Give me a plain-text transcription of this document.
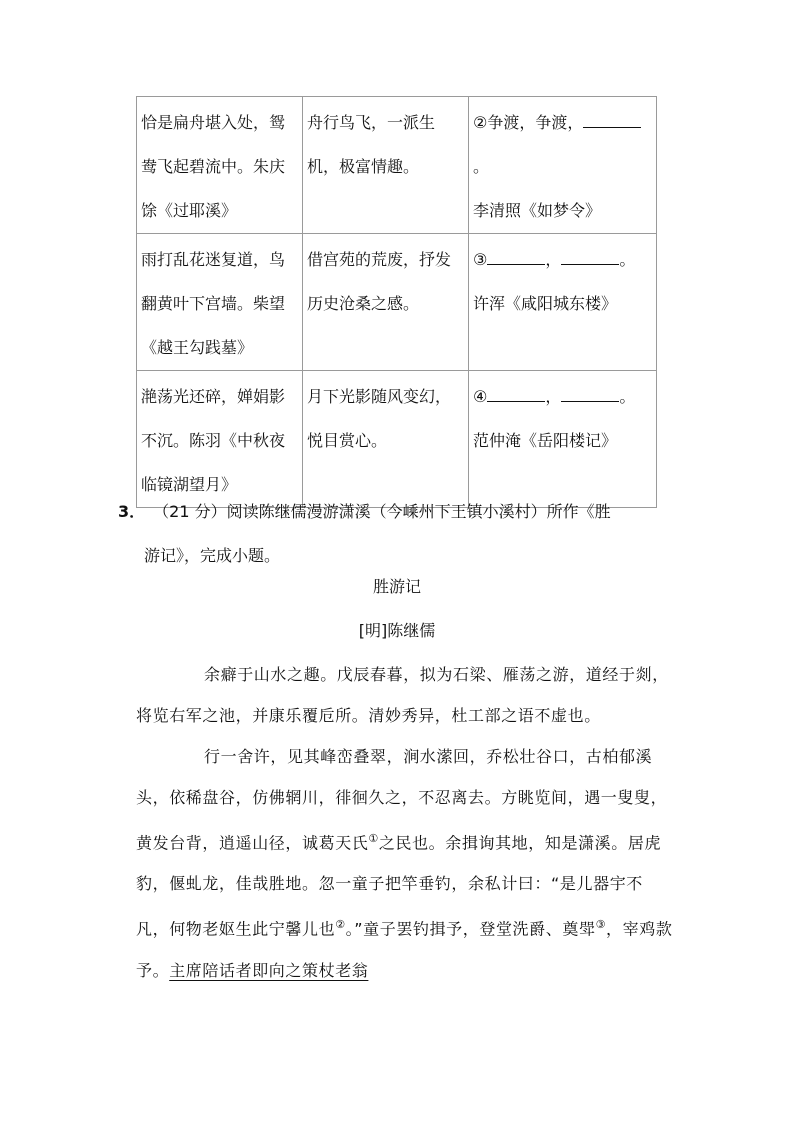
恰是扁舟堪入处，鸳鸯飞起碧流中。朱庆馀《过耶溪》	舟行鸟飞，一派生机，极富情趣。	②争渡，争渡，。
李清照《如梦令》
雨打乱花迷复道，鸟翻黄叶下宫墙。柴望《越王勾践墓》	借宫苑的荒废，抒发历史沧桑之感。	③ ， 。
许浑《咸阳城东楼》
滟荡光还碎，婵娟影不沉。陈羽《中秋夜临镜湖望月》	月下光影随风变幻，悦目赏心。	④ ， 。
范仲淹《岳阳楼记》
3． （21 分）阅读陈继儒漫游潇溪（今嵊州下王镇小溪村）所作《胜

游记》，完成小题。
胜游记
[明]陈继儒

余癖于山水之趣。戊辰春暮，拟为石梁、雁荡之游，道经于剡，将览右军之池，并康乐覆卮所。清妙秀异，杜工部之语不虚也。

行一舍许，见其峰峦叠翠，涧水潆回，乔松壮谷口，古柏郁溪头，依稀盘谷，仿佛辋川，徘徊久之，不忍离去。方眺览间，遇一叟叟，黄发台背，逍遥山径，诚葛天氏①之民也。余揖询其地，知是潇溪。居虎豹，偃虬龙，佳哉胜地。忽一童子把竿垂钓，余私计曰：“是儿器宇不凡，何物老妪生此宁馨儿也②。”童子罢钓揖予，登堂洗爵、奠斝③，宰鸡款予。主席陪话者即向之策杖老翁
